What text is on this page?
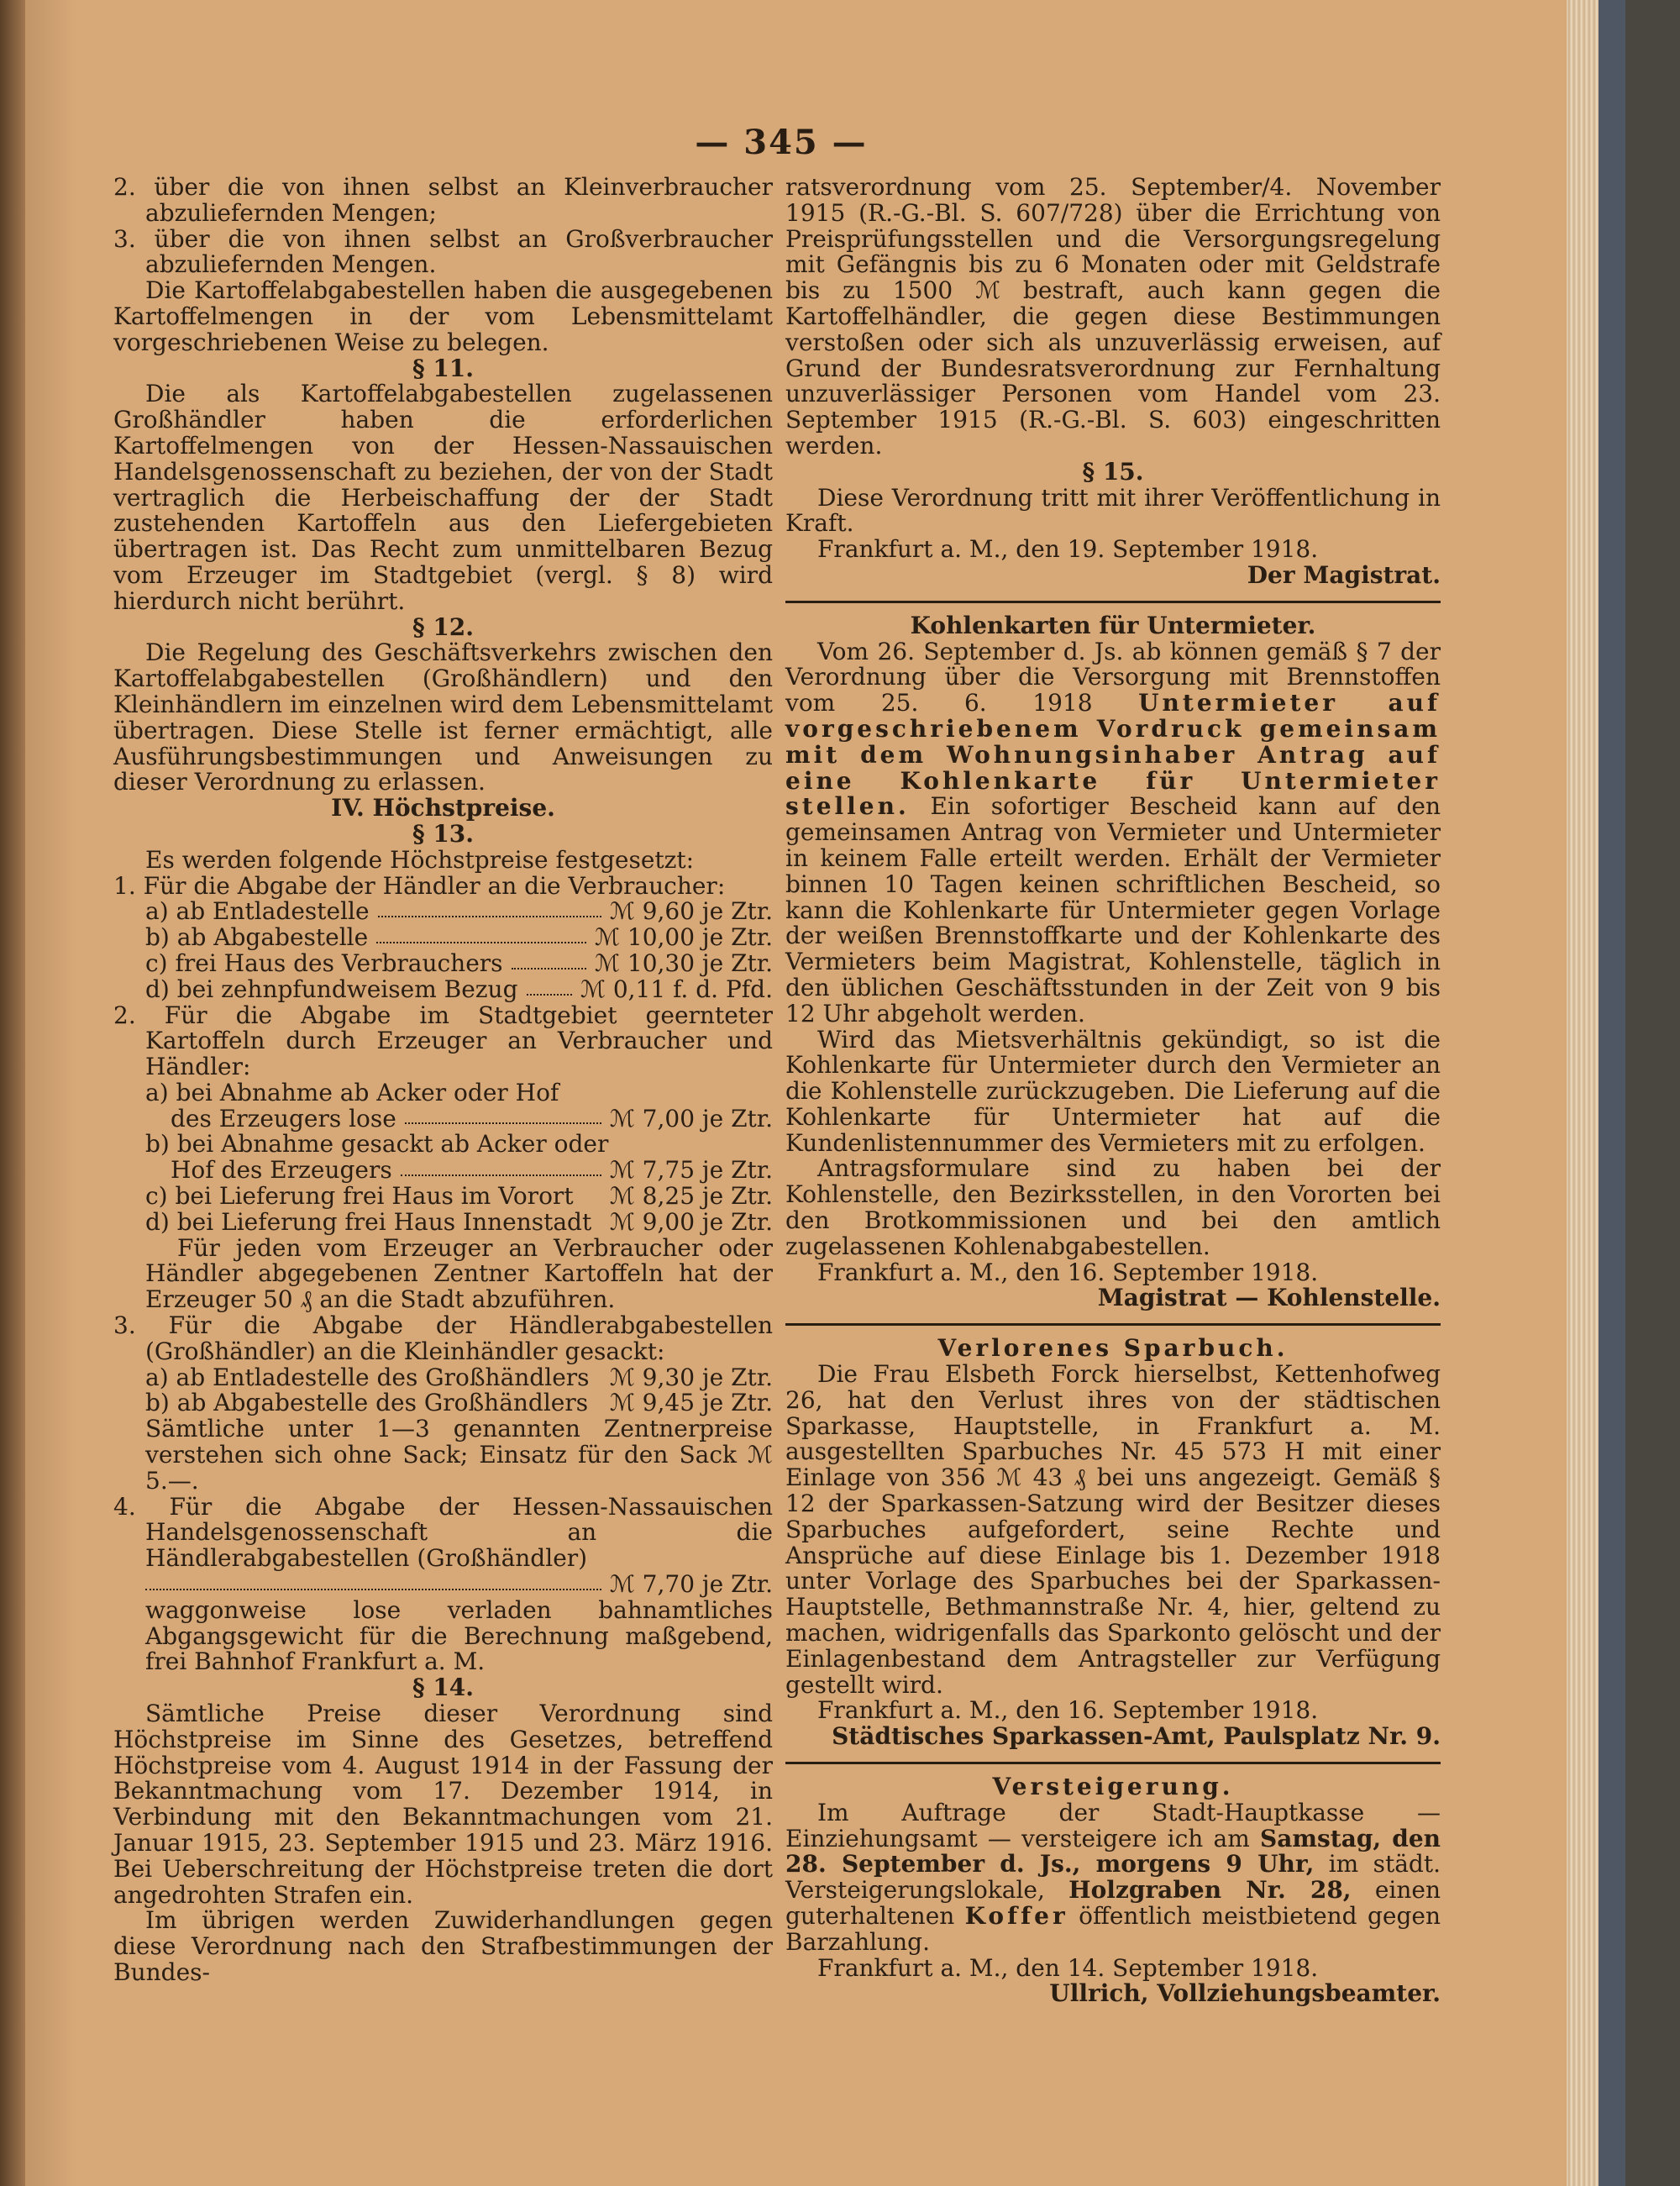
— 345 —

2. über die von ihnen selbst an Kleinverbraucher abzuliefernden Mengen;

3. über die von ihnen selbst an Großverbraucher abzuliefernden Mengen.

Die Kartoffelabgabestellen haben die ausgegebenen Kartoffelmengen in der vom Lebensmittelamt vorgeschriebenen Weise zu belegen.

§ 11.

Die als Kartoffelabgabestellen zugelassenen Großhändler haben die erforderlichen Kartoffelmengen von der Hessen-Nassauischen Handelsgenossenschaft zu beziehen, der von der Stadt vertraglich die Herbeischaffung der der Stadt zustehenden Kartoffeln aus den Liefergebieten übertragen ist. Das Recht zum unmittelbaren Bezug vom Erzeuger im Stadtgebiet (vergl. § 8) wird hierdurch nicht berührt.

§ 12.

Die Regelung des Geschäftsverkehrs zwischen den Kartoffelabgabestellen (Großhändlern) und den Kleinhändlern im einzelnen wird dem Lebensmittelamt übertragen. Diese Stelle ist ferner ermächtigt, alle Ausführungsbestimmungen und Anweisungen zu dieser Verordnung zu erlassen.

IV. Höchstpreise.

§ 13.

Es werden folgende Höchstpreise festgesetzt:

1. Für die Abgabe der Händler an die Verbraucher:

a) ab Entladestelle	ℳ 9,60 je Ztr.
b) ab Abgabestelle	ℳ 10,00 je Ztr.
c) frei Haus des Verbrauchers	ℳ 10,30 je Ztr.
d) bei zehnpfundweisem Bezug	ℳ 0,11 f. d. Pfd.

2. Für die Abgabe im Stadtgebiet geernteter Kartoffeln durch Erzeuger an Verbraucher und Händler:

a) bei Abnahme ab Acker oder Hof

des Erzeugers lose	ℳ 7,00 je Ztr.

b) bei Abnahme gesackt ab Acker oder

Hof des Erzeugers	ℳ 7,75 je Ztr.
c) bei Lieferung frei Haus im Vorort ℳ 8,25 je Ztr.
d) bei Lieferung frei Haus Innenstadt ℳ 9,00 je Ztr.

Für jeden vom Erzeuger an Verbraucher oder Händler abgegebenen Zentner Kartoffeln hat der Erzeuger 50 ₰ an die Stadt abzuführen.

3. Für die Abgabe der Händlerabgabestellen (Großhändler) an die Kleinhändler gesackt:

a) ab Entladestelle des Großhändlers ℳ 9,30 je Ztr.
b) ab Abgabestelle des Großhändlers ℳ 9,45 je Ztr.

Sämtliche unter 1—3 genannten Zentnerpreise verstehen sich ohne Sack; Einsatz für den Sack ℳ 5.—.

4. Für die Abgabe der Hessen-Nassauischen Handelsgenossenschaft an die Händlerabgabestellen (Großhändler)

ℳ 7,70 je Ztr.

waggonweise lose verladen bahnamtliches Abgangsgewicht für die Berechnung maßgebend, frei Bahnhof Frankfurt a. M.

§ 14.

Sämtliche Preise dieser Verordnung sind Höchstpreise im Sinne des Gesetzes, betreffend Höchstpreise vom 4. August 1914 in der Fassung der Bekanntmachung vom 17. Dezember 1914, in Verbindung mit den Bekanntmachungen vom 21. Januar 1915, 23. September 1915 und 23. März 1916. Bei Ueberschreitung der Höchstpreise treten die dort angedrohten Strafen ein.

Im übrigen werden Zuwiderhandlungen gegen diese Verordnung nach den Strafbestimmungen der Bundes-

ratsverordnung vom 25. September/4. November 1915 (R.-G.-Bl. S. 607/728) über die Errichtung von Preisprüfungsstellen und die Versorgungsregelung mit Gefängnis bis zu 6 Monaten oder mit Geldstrafe bis zu 1500 ℳ bestraft, auch kann gegen die Kartoffelhändler, die gegen diese Bestimmungen verstoßen oder sich als unzuverlässig erweisen, auf Grund der Bundesratsverordnung zur Fernhaltung unzuverlässiger Personen vom Handel vom 23. September 1915 (R.-G.-Bl. S. 603) eingeschritten werden.

§ 15.

Diese Verordnung tritt mit ihrer Veröffentlichung in Kraft.

Frankfurt a. M., den 19. September 1918.

Der Magistrat.

Kohlenkarten für Untermieter.

Vom 26. September d. Js. ab können gemäß § 7 der Verordnung über die Versorgung mit Brennstoffen vom 25. 6. 1918 Untermieter auf vorgeschriebenem Vordruck gemeinsam mit dem Wohnungsinhaber Antrag auf eine Kohlenkarte für Untermieter stellen. Ein sofortiger Bescheid kann auf den gemeinsamen Antrag von Vermieter und Untermieter in keinem Falle erteilt werden. Erhält der Vermieter binnen 10 Tagen keinen schriftlichen Bescheid, so kann die Kohlenkarte für Untermieter gegen Vorlage der weißen Brennstoffkarte und der Kohlenkarte des Vermieters beim Magistrat, Kohlenstelle, täglich in den üblichen Geschäftsstunden in der Zeit von 9 bis 12 Uhr abgeholt werden.

Wird das Mietsverhältnis gekündigt, so ist die Kohlenkarte für Untermieter durch den Vermieter an die Kohlenstelle zurückzugeben. Die Lieferung auf die Kohlenkarte für Untermieter hat auf die Kundenlistennummer des Vermieters mit zu erfolgen.

Antragsformulare sind zu haben bei der Kohlenstelle, den Bezirksstellen, in den Vororten bei den Brotkommissionen und bei den amtlich zugelassenen Kohlenabgabestellen.

Frankfurt a. M., den 16. September 1918.

Magistrat — Kohlenstelle.

Verlorenes Sparbuch.

Die Frau Elsbeth Forck hierselbst, Kettenhofweg 26, hat den Verlust ihres von der städtischen Sparkasse, Hauptstelle, in Frankfurt a. M. ausgestellten Sparbuches Nr. 45 573 H mit einer Einlage von 356 ℳ 43 ₰ bei uns angezeigt. Gemäß § 12 der Sparkassen-Satzung wird der Besitzer dieses Sparbuches aufgefordert, seine Rechte und Ansprüche auf diese Einlage bis 1. Dezember 1918 unter Vorlage des Sparbuches bei der Sparkassen-Hauptstelle, Bethmannstraße Nr. 4, hier, geltend zu machen, widrigenfalls das Sparkonto gelöscht und der Einlagenbestand dem Antragsteller zur Verfügung gestellt wird.

Frankfurt a. M., den 16. September 1918.

Städtisches Sparkassen-Amt, Paulsplatz Nr. 9.

Versteigerung.

Im Auftrage der Stadt-Hauptkasse — Einziehungsamt — versteigere ich am Samstag, den 28. September d. Js., morgens 9 Uhr, im städt. Versteigerungslokale, Holzgraben Nr. 28, einen guterhaltenen Koffer öffentlich meistbietend gegen Barzahlung.

Frankfurt a. M., den 14. September 1918.

Ullrich, Vollziehungsbeamter.
